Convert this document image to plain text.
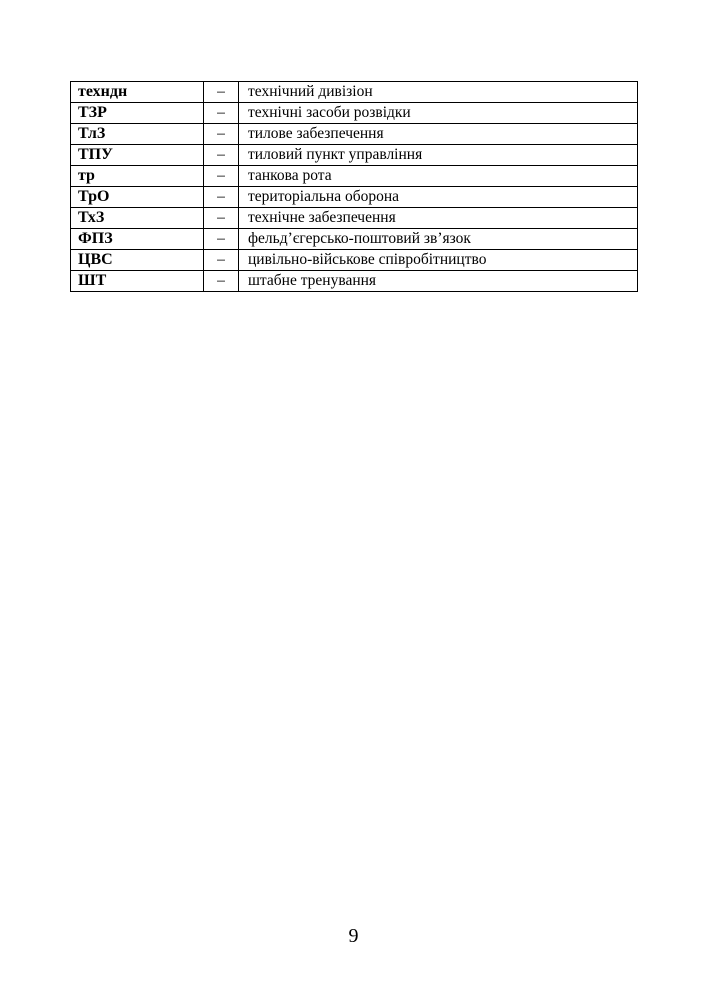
техндн	–	технічний дивізіон
ТЗР	–	технічні засоби розвідки
ТлЗ	–	тилове забезпечення
ТПУ	–	тиловий пункт управління
тр	–	танкова рота
ТрО	–	територіальна оборона
ТхЗ	–	технічне забезпечення
ФПЗ	–	фельд’єгерсько-поштовий зв’язок
ЦВС	–	цивільно-військове співробітництво
ШТ	–	штабне тренування
9
